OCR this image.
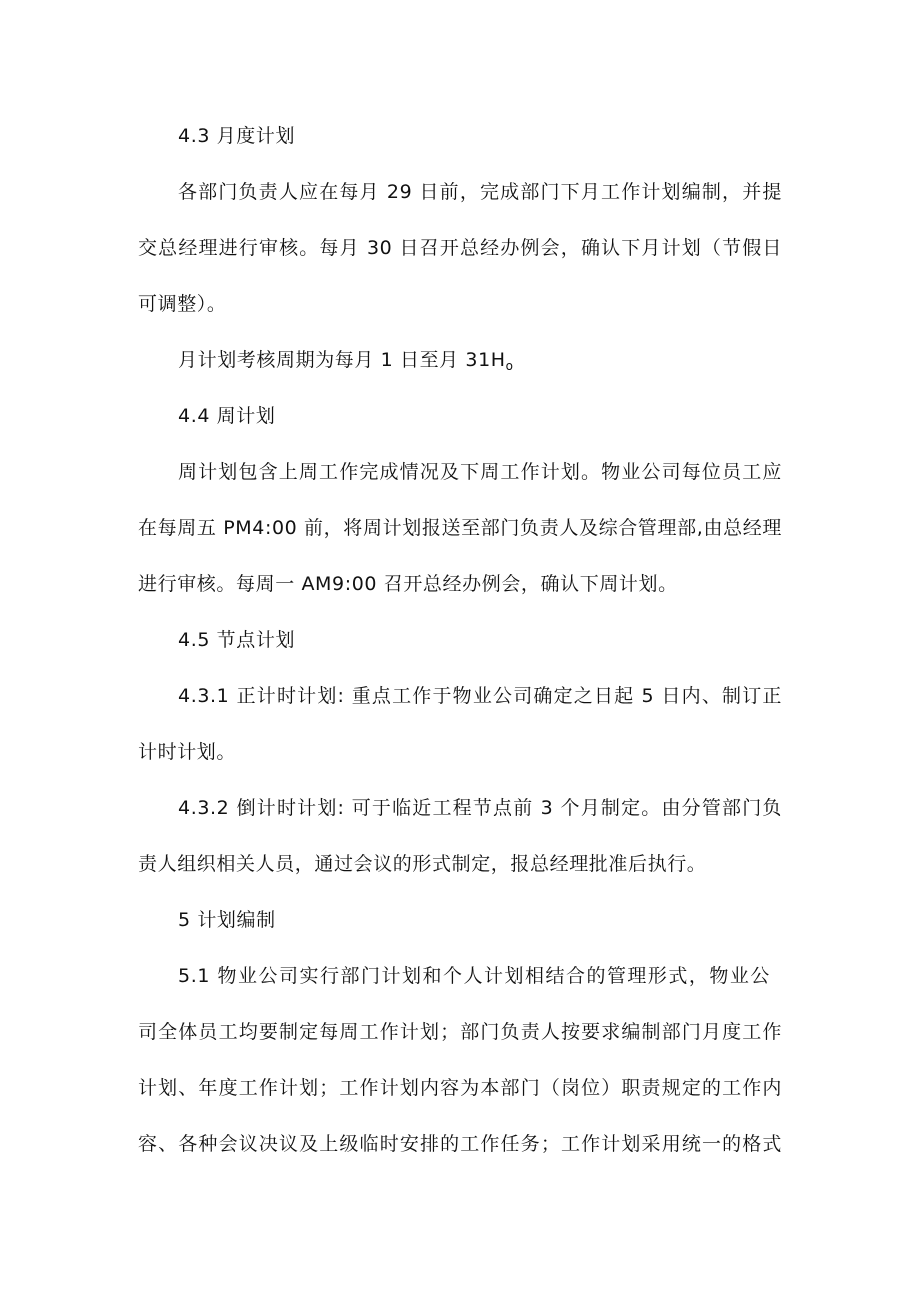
4.3 月度计划
各部门负责人应在每月 29 日前，完成部门下月工作计划编制，并提
交总经理进行审核。每月 30 日召开总经办例会，确认下月计划（节假日
可调整）。
月计划考核周期为每月 1 日至月 $31H_o$
4.4 周计划
周计划包含上周工作完成情况及下周工作计划。物业公司每位员工应
在每周五 PM4:00 前，将周计划报送至部门负责人及综合管理部,由总经理
进行审核。每周一 AM9:00 召开总经办例会，确认下周计划。
4.5 节点计划
4.3.1 正计时计划: 重点工作于物业公司确定之日起 5 日内、制订正
计时计划。
4.3.2 倒计时计划: 可于临近工程节点前 3 个月制定。由分管部门负
责人组织相关人员，通过会议的形式制定，报总经理批准后执行。
5 计划编制
5.1 物业公司实行部门计划和个人计划相结合的管理形式，物业公
司全体员工均要制定每周工作计划；部门负责人按要求编制部门月度工作
计划、年度工作计划；工作计划内容为本部门（岗位）职责规定的工作内
容、各种会议决议及上级临时安排的工作任务；工作计划采用统一的格式
